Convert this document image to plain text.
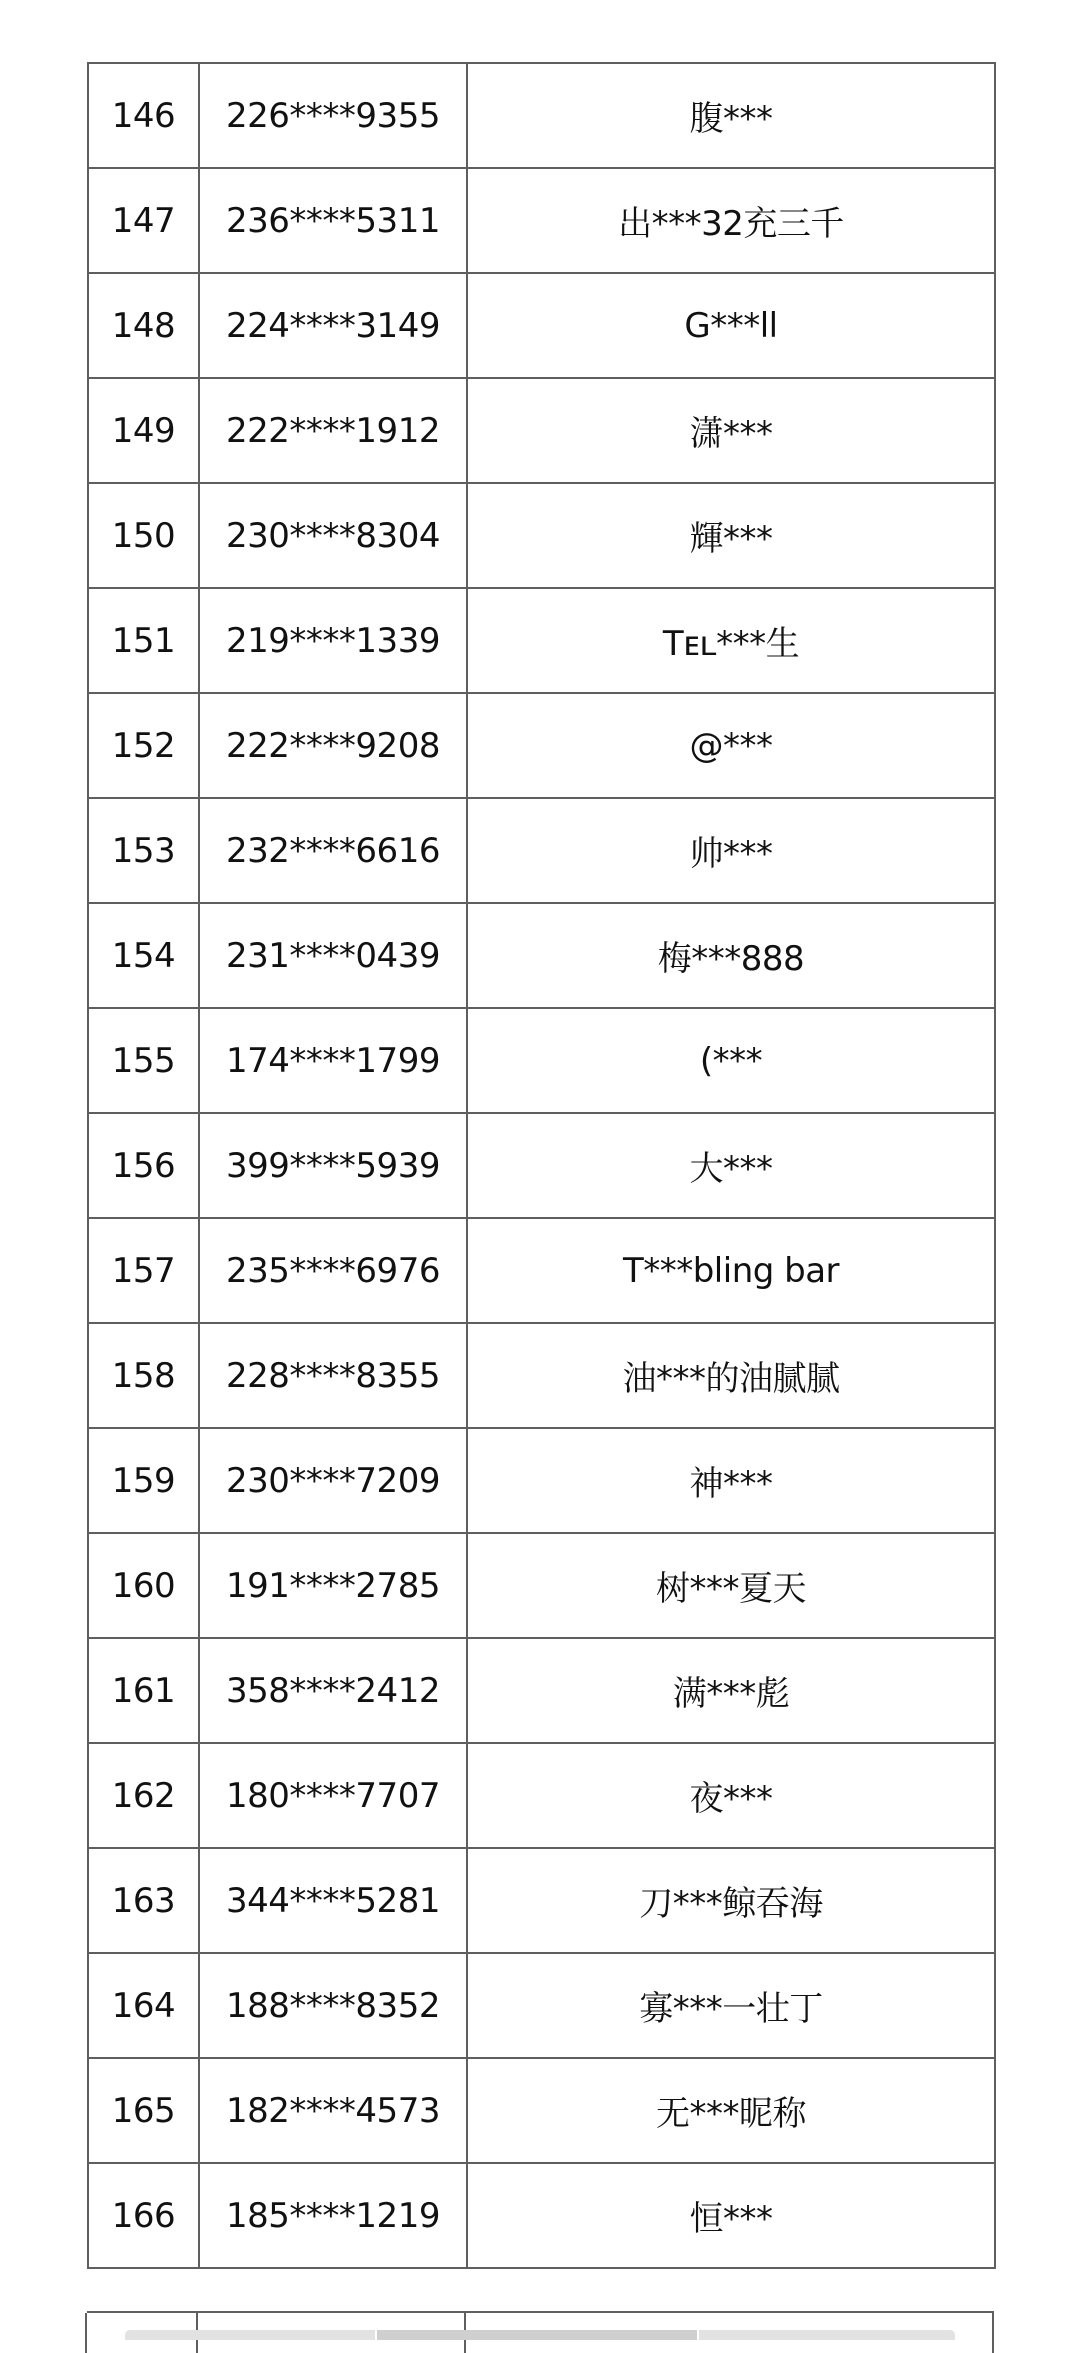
146	226****9355	腹***
147	236****5311	出***32充三千
148	224****3149	G***ll
149	222****1912	潇***
150	230****8304	輝***
151	219****1339	Tᴇʟ***生
152	222****9208	@***
153	232****6616	帅***
154	231****0439	梅***888
155	174****1799	(***
156	399****5939	大***
157	235****6976	T***bling bar
158	228****8355	油***的油腻腻
159	230****7209	神***
160	191****2785	树***夏天
161	358****2412	满***彪
162	180****7707	夜***
163	344****5281	刀***鲸吞海
164	188****8352	寡***一壮丁
165	182****4573	无***昵称
166	185****1219	恒***
